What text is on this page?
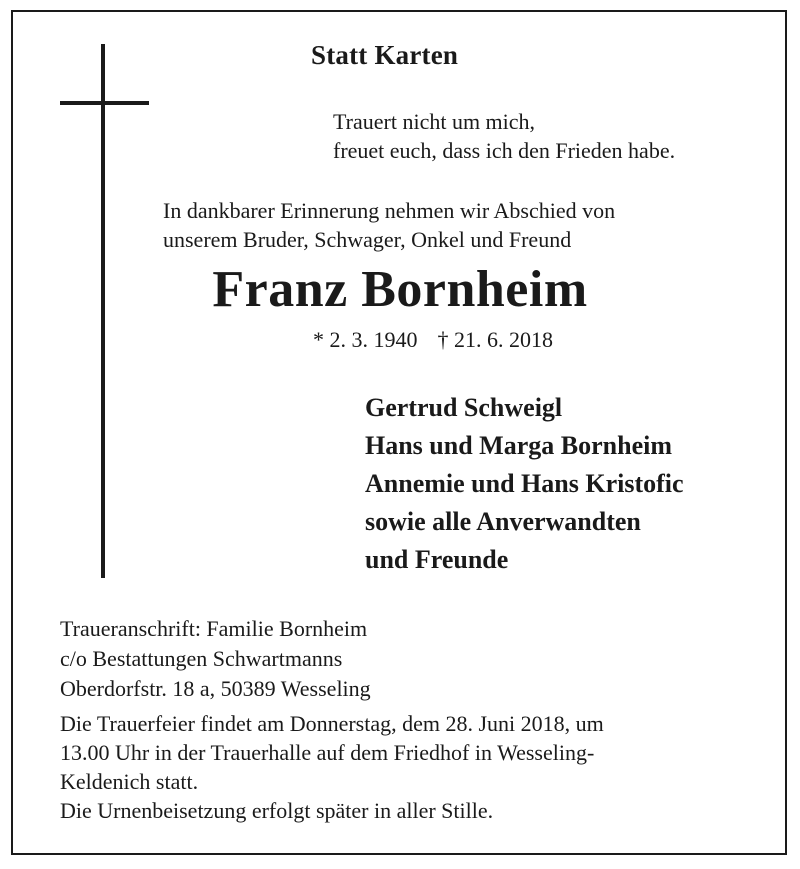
Statt Karten
Trauert nicht um mich,
freuet euch, dass ich den Frieden habe.
In dankbarer Erinnerung nehmen wir Abschied von
unserem Bruder, Schwager, Onkel und Freund
Franz Bornheim
* 2. 3. 1940 † 21. 6. 2018
Gertrud Schweigl
Hans und Marga Bornheim
Annemie und Hans Kristofic
sowie alle Anverwandten
und Freunde
Traueranschrift: Familie Bornheim
c/o Bestattungen Schwartmanns
Oberdorfstr. 18 a, 50389 Wesseling
Die Trauerfeier findet am Donnerstag, dem 28. Juni 2018, um
13.00 Uhr in der Trauerhalle auf dem Friedhof in Wesseling-
Keldenich statt.
Die Urnenbeisetzung erfolgt später in aller Stille.
